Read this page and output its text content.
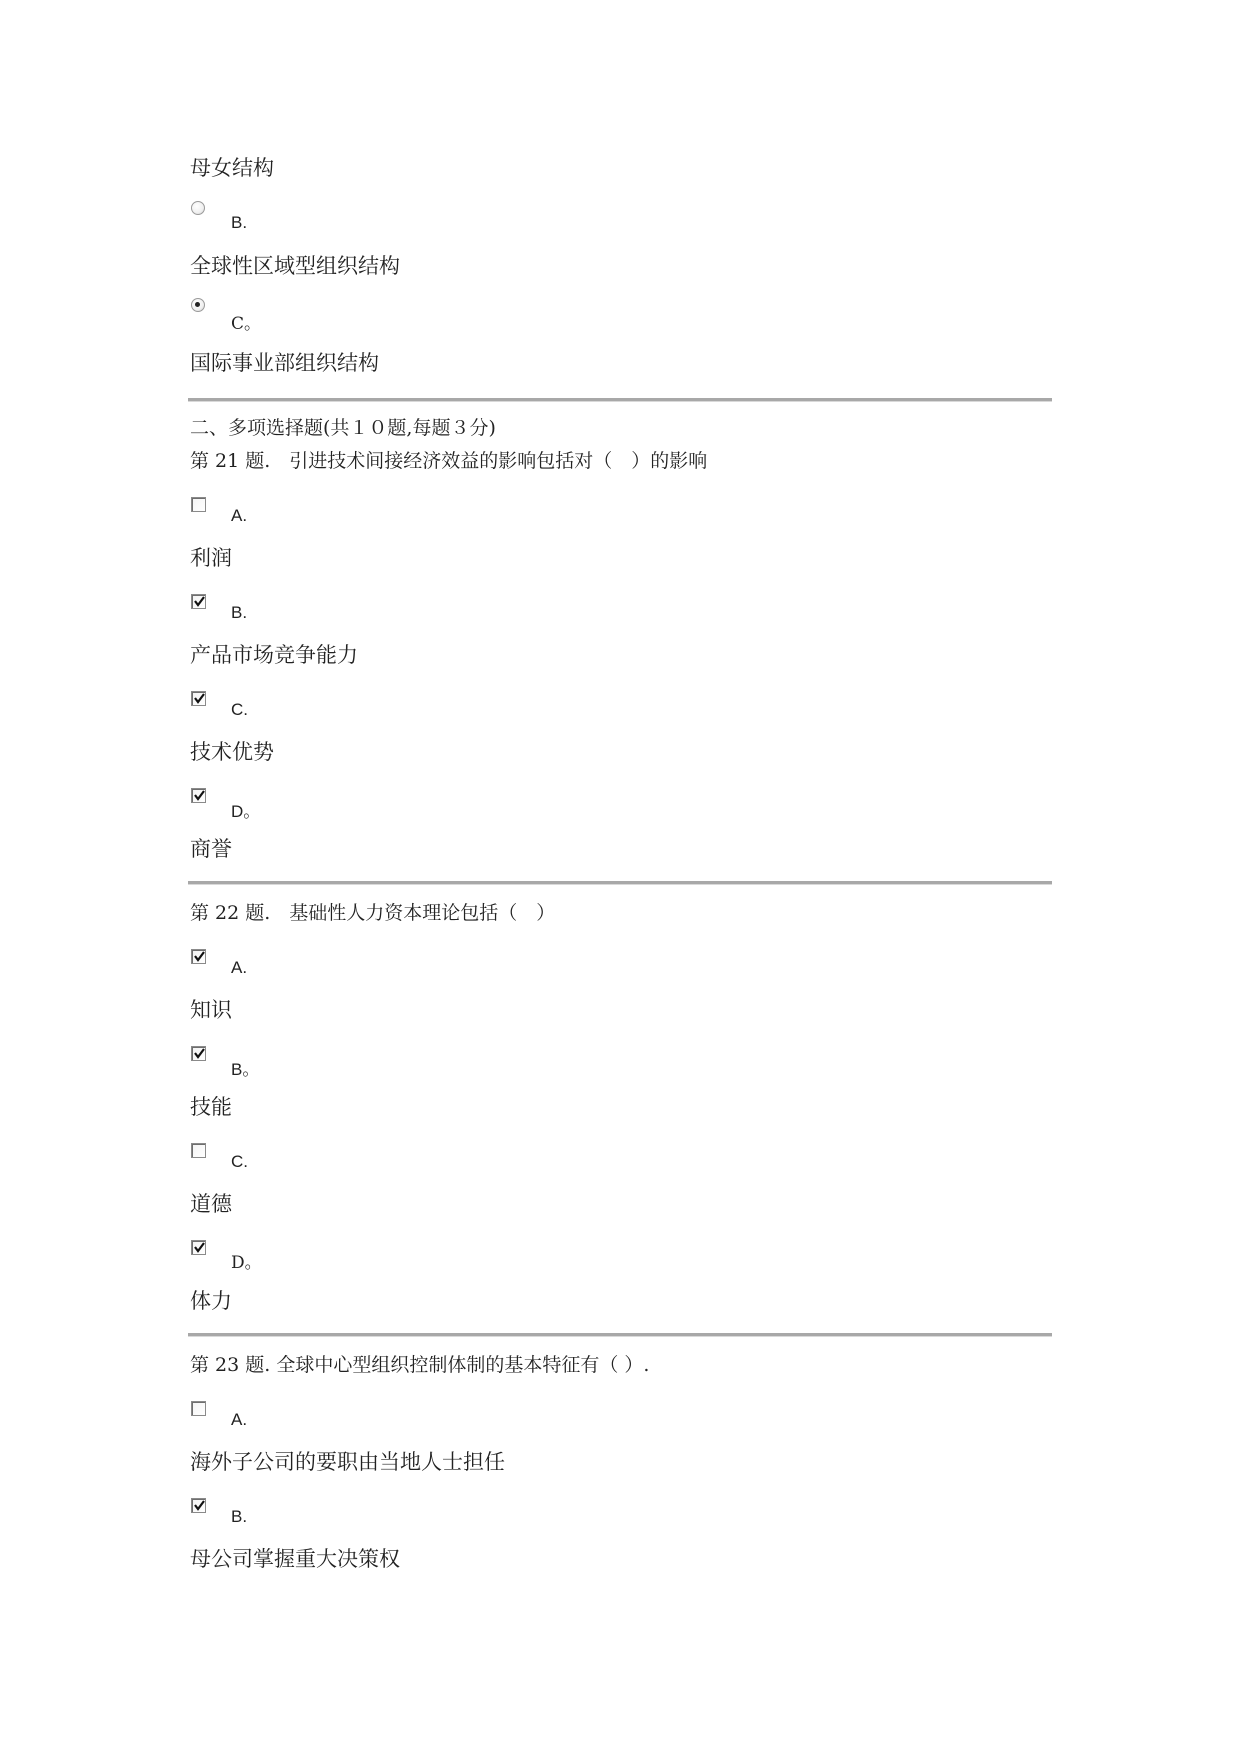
母女结构
B.
全球性区域型组织结构
C。
国际事业部组织结构
二、多项选择题(共１０题,每题３分)
第 21 题.　引进技术间接经济效益的影响包括对（　）的影响
A.
利润
B.
产品市场竞争能力
C.
技术优势
D。
商誉
第 22 题.　基础性人力资本理论包括（　）
A.
知识
B。
技能
C.
道德
D。
体力
第 23 题. 全球中心型组织控制体制的基本特征有（ ）.
A.
海外子公司的要职由当地人士担任
B.
母公司掌握重大决策权
